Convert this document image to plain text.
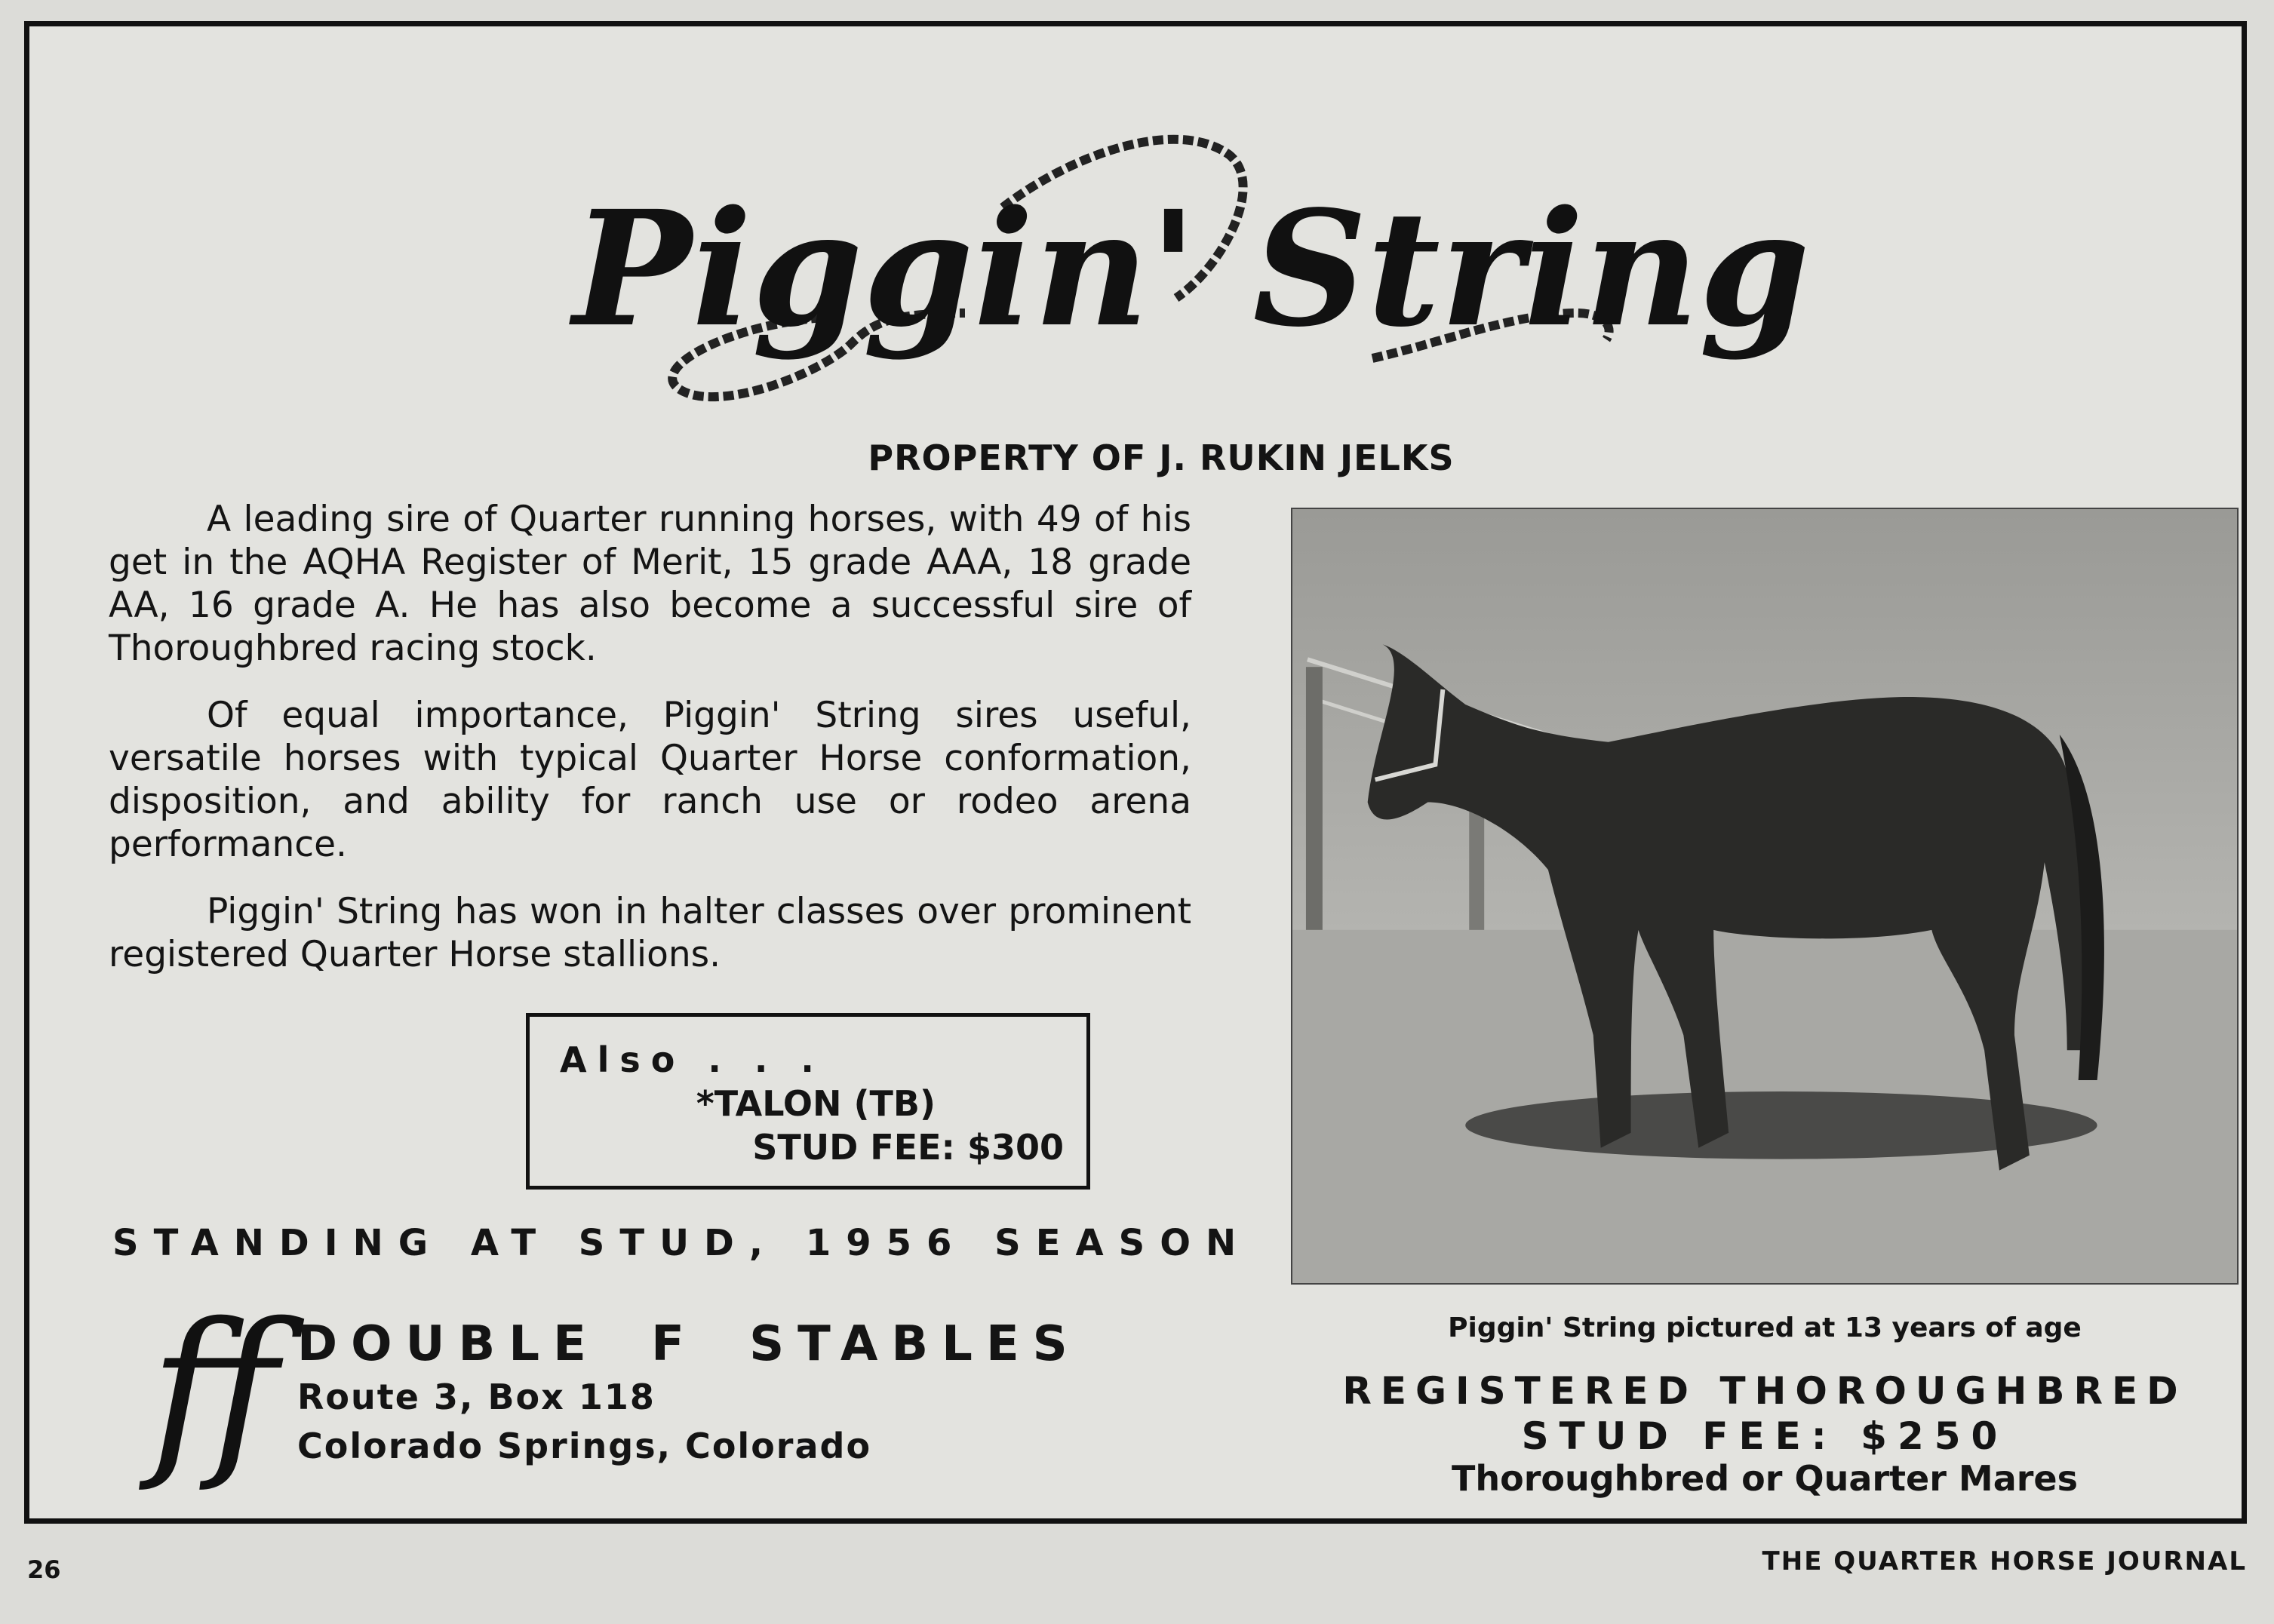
Piggin' String
PROPERTY OF J. RUKIN JELKS

A leading sire of Quarter running horses, with 49 of his get in the AQHA Register of Merit, 15 grade AAA, 18 grade AA, 16 grade A. He has also become a successful sire of Thoroughbred racing stock.

Of equal importance, Piggin' String sires useful, versatile horses with typical Quarter Horse conformation, disposition, and ability for ranch use or rodeo arena performance.

Piggin' String has won in halter classes over prominent registered Quarter Horse stallions.

Also . . .
*TALON (TB)
STUD FEE: $300
STANDING AT STUD, 1956 SEASON
ff DOUBLE F STABLES
Route 3, Box 118
Colorado Springs, Colorado
Piggin' String pictured at 13 years of age
REGISTERED THOROUGHBRED
STUD FEE: $250
Thoroughbred or Quarter Mares
26	THE QUARTER HORSE JOURNAL
